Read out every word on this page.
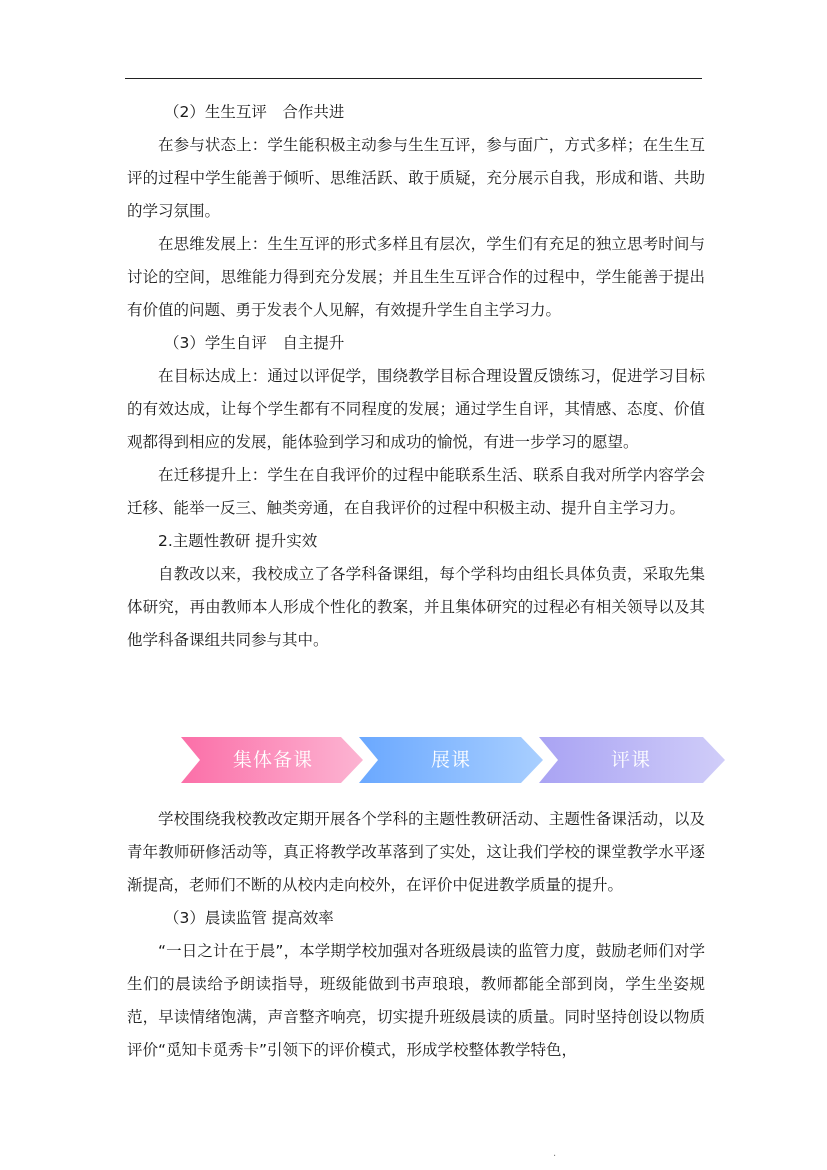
（2）生生互评　合作共进

在参与状态上：学生能积极主动参与生生互评，参与面广，方式多样；在生生互评的过程中学生能善于倾听、思维活跃、敢于质疑，充分展示自我，形成和谐、共助的学习氛围。

在思维发展上：生生互评的形式多样且有层次，学生们有充足的独立思考时间与讨论的空间，思维能力得到充分发展；并且生生互评合作的过程中，学生能善于提出有价值的问题、勇于发表个人见解，有效提升学生自主学习力。

（3）学生自评　自主提升

在目标达成上：通过以评促学，围绕教学目标合理设置反馈练习，促进学习目标的有效达成，让每个学生都有不同程度的发展；通过学生自评，其情感、态度、价值观都得到相应的发展，能体验到学习和成功的愉悦，有进一步学习的愿望。

在迁移提升上：学生在自我评价的过程中能联系生活、联系自我对所学内容学会迁移、能举一反三、触类旁通，在自我评价的过程中积极主动、提升自主学习力。

2.主题性教研 提升实效

自教改以来，我校成立了各学科备课组，每个学科均由组长具体负责，采取先集体研究，再由教师本人形成个性化的教案，并且集体研究的过程必有相关领导以及其他学科备课组共同参与其中。

集体备课	展课	评课

学校围绕我校教改定期开展各个学科的主题性教研活动、主题性备课活动，以及青年教师研修活动等，真正将教学改革落到了实处，这让我们学校的课堂教学水平逐渐提高，老师们不断的从校内走向校外，在评价中促进教学质量的提升。

（3）晨读监管 提高效率

“一日之计在于晨”，本学期学校加强对各班级晨读的监管力度，鼓励老师们对学生们的晨读给予朗读指导，班级能做到书声琅琅，教师都能全部到岗，学生坐姿规范，早读情绪饱满，声音整齐响亮，切实提升班级晨读的质量。同时坚持创设以物质评价“觅知卡觅秀卡”引领下的评价模式，形成学校整体教学特色，

.
